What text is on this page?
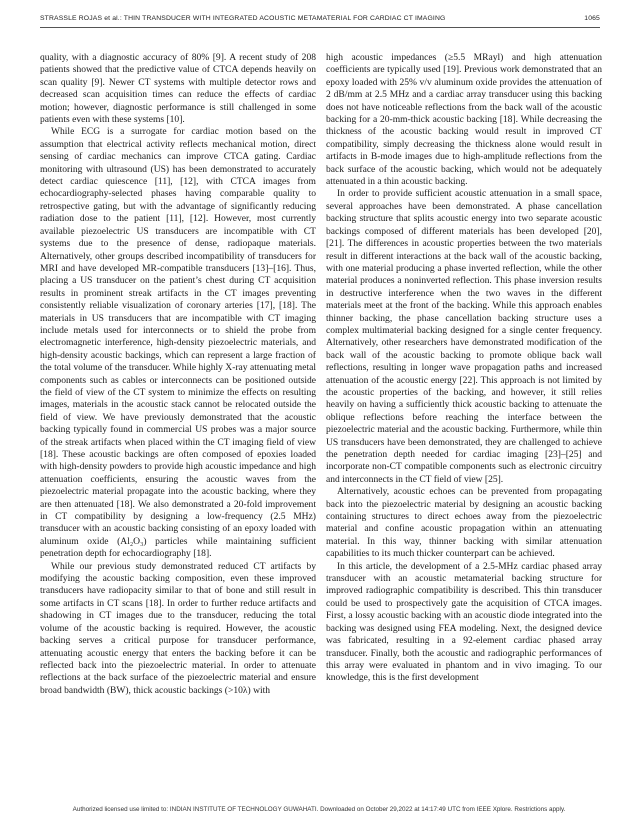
STRASSLE ROJAS et al.: THIN TRANSDUCER WITH INTEGRATED ACOUSTIC METAMATERIAL FOR CARDIAC CT IMAGING	1065

quality, with a diagnostic accuracy of 80% [9]. A recent study of 208 patients showed that the predictive value of CTCA depends heavily on scan quality [9]. Newer CT systems with multiple detector rows and decreased scan acquisition times can reduce the effects of cardiac motion; however, diagnostic performance is still challenged in some patients even with these systems [10].

While ECG is a surrogate for cardiac motion based on the assumption that electrical activity reflects mechanical motion, direct sensing of cardiac mechanics can improve CTCA gating. Cardiac monitoring with ultrasound (US) has been demonstrated to accurately detect cardiac quiescence [11], [12], with CTCA images from echocardiography-selected phases having comparable quality to retrospective gating, but with the advantage of significantly reducing radiation dose to the patient [11], [12]. However, most currently available piezoelectric US transducers are incompatible with CT systems due to the presence of dense, radiopaque materials. Alternatively, other groups described incompatibility of transducers for MRI and have developed MR-compatible transducers [13]–[16]. Thus, placing a US transducer on the patient’s chest during CT acquisition results in prominent streak artifacts in the CT images preventing consistently reliable visualization of coronary arteries [17], [18]. The materials in US transducers that are incompatible with CT imaging include metals used for interconnects or to shield the probe from electromagnetic interference, high-density piezoelectric materials, and high-density acoustic backings, which can represent a large fraction of the total volume of the transducer. While highly X-ray attenuating metal components such as cables or interconnects can be positioned outside the field of view of the CT system to minimize the effects on resulting images, materials in the acoustic stack cannot be relocated outside the field of view. We have previously demonstrated that the acoustic backing typically found in commercial US probes was a major source of the streak artifacts when placed within the CT imaging field of view [18]. These acoustic backings are often composed of epoxies loaded with high-density powders to provide high acoustic impedance and high attenuation coefficients, ensuring the acoustic waves from the piezoelectric material propagate into the acoustic backing, where they are then attenuated [18]. We also demonstrated a 20-fold improvement in CT compatibility by designing a low-frequency (2.5 MHz) transducer with an acoustic backing consisting of an epoxy loaded with aluminum oxide (Al₂O₃) particles while maintaining sufficient penetration depth for echocardiography [18].

While our previous study demonstrated reduced CT artifacts by modifying the acoustic backing composition, even these improved transducers have radiopacity similar to that of bone and still result in some artifacts in CT scans [18]. In order to further reduce artifacts and shadowing in CT images due to the transducer, reducing the total volume of the acoustic backing is required. However, the acoustic backing serves a critical purpose for transducer performance, attenuating acoustic energy that enters the backing before it can be reflected back into the piezoelectric material. In order to attenuate reflections at the back surface of the piezoelectric material and ensure broad bandwidth (BW), thick acoustic backings (>10λ) with

high acoustic impedances (≥5.5 MRayl) and high attenuation coefficients are typically used [19]. Previous work demonstrated that an epoxy loaded with 25% v/v aluminum oxide provides the attenuation of 2 dB/mm at 2.5 MHz and a cardiac array transducer using this backing does not have noticeable reflections from the back wall of the acoustic backing for a 20-mm-thick acoustic backing [18]. While decreasing the thickness of the acoustic backing would result in improved CT compatibility, simply decreasing the thickness alone would result in artifacts in B-mode images due to high-amplitude reflections from the back surface of the acoustic backing, which would not be adequately attenuated in a thin acoustic backing.

In order to provide sufficient acoustic attenuation in a small space, several approaches have been demonstrated. A phase cancellation backing structure that splits acoustic energy into two separate acoustic backings composed of different materials has been developed [20], [21]. The differences in acoustic properties between the two materials result in different interactions at the back wall of the acoustic backing, with one material producing a phase inverted reflection, while the other material produces a noninverted reflection. This phase inversion results in destructive interference when the two waves in the different materials meet at the front of the backing. While this approach enables thinner backing, the phase cancellation backing structure uses a complex multimaterial backing designed for a single center frequency. Alternatively, other researchers have demonstrated modification of the back wall of the acoustic backing to promote oblique back wall reflections, resulting in longer wave propagation paths and increased attenuation of the acoustic energy [22]. This approach is not limited by the acoustic properties of the backing, and however, it still relies heavily on having a sufficiently thick acoustic backing to attenuate the oblique reflections before reaching the interface between the piezoelectric material and the acoustic backing. Furthermore, while thin US transducers have been demonstrated, they are challenged to achieve the penetration depth needed for cardiac imaging [23]–[25] and incorporate non-CT compatible components such as electronic circuitry and interconnects in the CT field of view [25].

Alternatively, acoustic echoes can be prevented from propagating back into the piezoelectric material by designing an acoustic backing containing structures to direct echoes away from the piezoelectric material and confine acoustic propagation within an attenuating material. In this way, thinner backing with similar attenuation capabilities to its much thicker counterpart can be achieved.

In this article, the development of a 2.5-MHz cardiac phased array transducer with an acoustic metamaterial backing structure for improved radiographic compatibility is described. This thin transducer could be used to prospectively gate the acquisition of CTCA images. First, a lossy acoustic backing with an acoustic diode integrated into the backing was designed using FEA modeling. Next, the designed device was fabricated, resulting in a 92-element cardiac phased array transducer. Finally, both the acoustic and radiographic performances of this array were evaluated in phantom and in vivo imaging. To our knowledge, this is the first development

Authorized licensed use limited to: INDIAN INSTITUTE OF TECHNOLOGY GUWAHATI. Downloaded on October 29,2022 at 14:17:49 UTC from IEEE Xplore. Restrictions apply.
